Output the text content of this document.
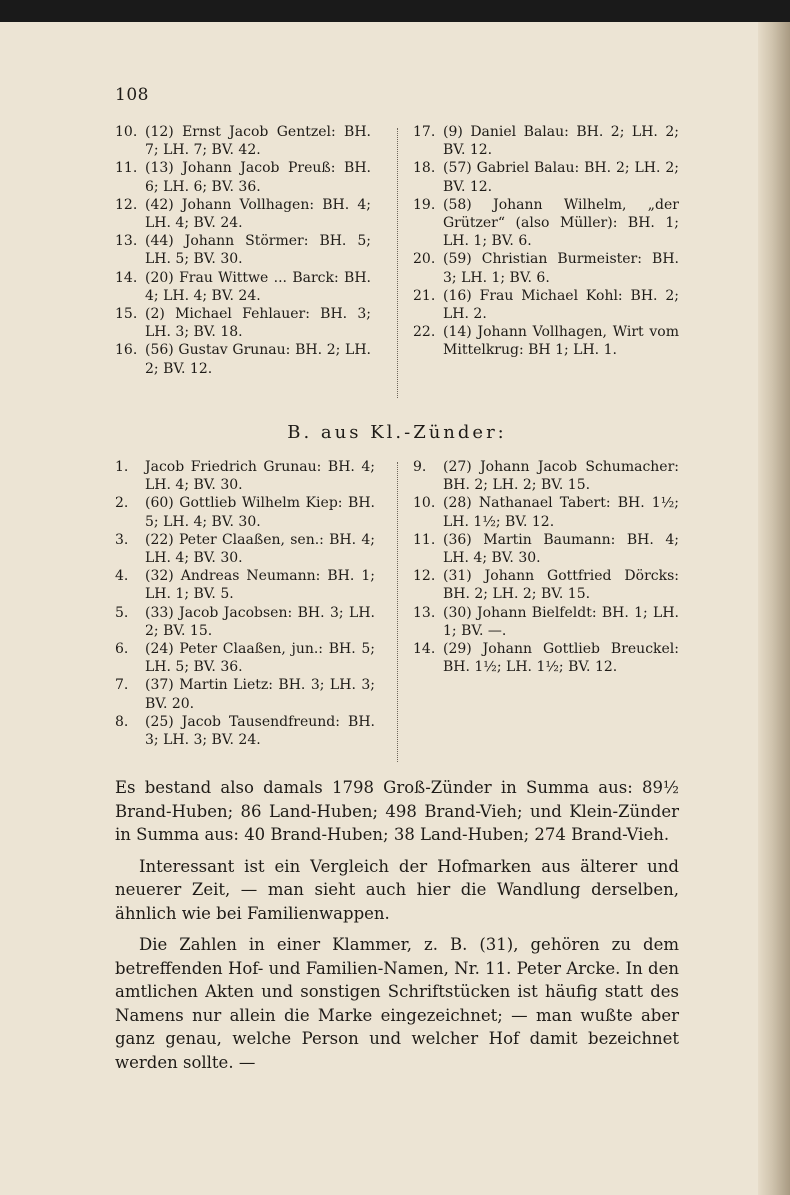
108
10. (12) Ernst Jacob Gentzel: BH. 7; LH. 7; BV. 42.
11. (13) Johann Jacob Preuß: BH. 6; LH. 6; BV. 36.
12. (42) Johann Vollhagen: BH. 4; LH. 4; BV. 24.
13. (44) Johann Störmer: BH. 5; LH. 5; BV. 30.
14. (20) Frau Wittwe ... Barck: BH. 4; LH. 4; BV. 24.
15. (2) Michael Fehlauer: BH. 3; LH. 3; BV. 18.
16. (56) Gustav Grunau: BH. 2; LH. 2; BV. 12.
17. (9) Daniel Balau: BH. 2; LH. 2; BV. 12.
18. (57) Gabriel Balau: BH. 2; LH. 2; BV. 12.
19. (58) Johann Wilhelm, „der Grützer“ (also Müller): BH. 1; LH. 1; BV. 6.
20. (59) Christian Burmeister: BH. 3; LH. 1; BV. 6.
21. (16) Frau Michael Kohl: BH. 2; LH. 2.
22. (14) Johann Vollhagen, Wirt vom Mittelkrug: BH 1; LH. 1.
B. aus Kl.-Zünder:
1. Jacob Friedrich Grunau: BH. 4; LH. 4; BV. 30.
2. (60) Gottlieb Wilhelm Kiep: BH. 5; LH. 4; BV. 30.
3. (22) Peter Claaßen, sen.: BH. 4; LH. 4; BV. 30.
4. (32) Andreas Neumann: BH. 1; LH. 1; BV. 5.
5. (33) Jacob Jacobsen: BH. 3; LH. 2; BV. 15.
6. (24) Peter Claaßen, jun.: BH. 5; LH. 5; BV. 36.
7. (37) Martin Lietz: BH. 3; LH. 3; BV. 20.
8. (25) Jacob Tausendfreund: BH. 3; LH. 3; BV. 24.
9. (27) Johann Jacob Schumacher: BH. 2; LH. 2; BV. 15.
10. (28) Nathanael Tabert: BH. 1½; LH. 1½; BV. 12.
11. (36) Martin Baumann: BH. 4; LH. 4; BV. 30.
12. (31) Johann Gottfried Dörcks: BH. 2; LH. 2; BV. 15.
13. (30) Johann Bielfeldt: BH. 1; LH. 1; BV. —.
14. (29) Johann Gottlieb Breuckel: BH. 1½; LH. 1½; BV. 12.

Es bestand also damals 1798 Groß-Zünder in Summa aus: 89½ Brand-Huben; 86 Land-Huben; 498 Brand-Vieh; und Klein-Zünder in Summa aus: 40 Brand-Huben; 38 Land-Huben; 274 Brand-Vieh.

Interessant ist ein Vergleich der Hofmarken aus älterer und neuerer Zeit, — man sieht auch hier die Wandlung derselben, ähnlich wie bei Familienwappen.

Die Zahlen in einer Klammer, z. B. (31), gehören zu dem betreffenden Hof- und Familien-Namen, Nr. 11. Peter Arcke. In den amtlichen Akten und sonstigen Schriftstücken ist häufig statt des Namens nur allein die Marke eingezeichnet; — man wußte aber ganz genau, welche Person und welcher Hof damit bezeichnet werden sollte. —
